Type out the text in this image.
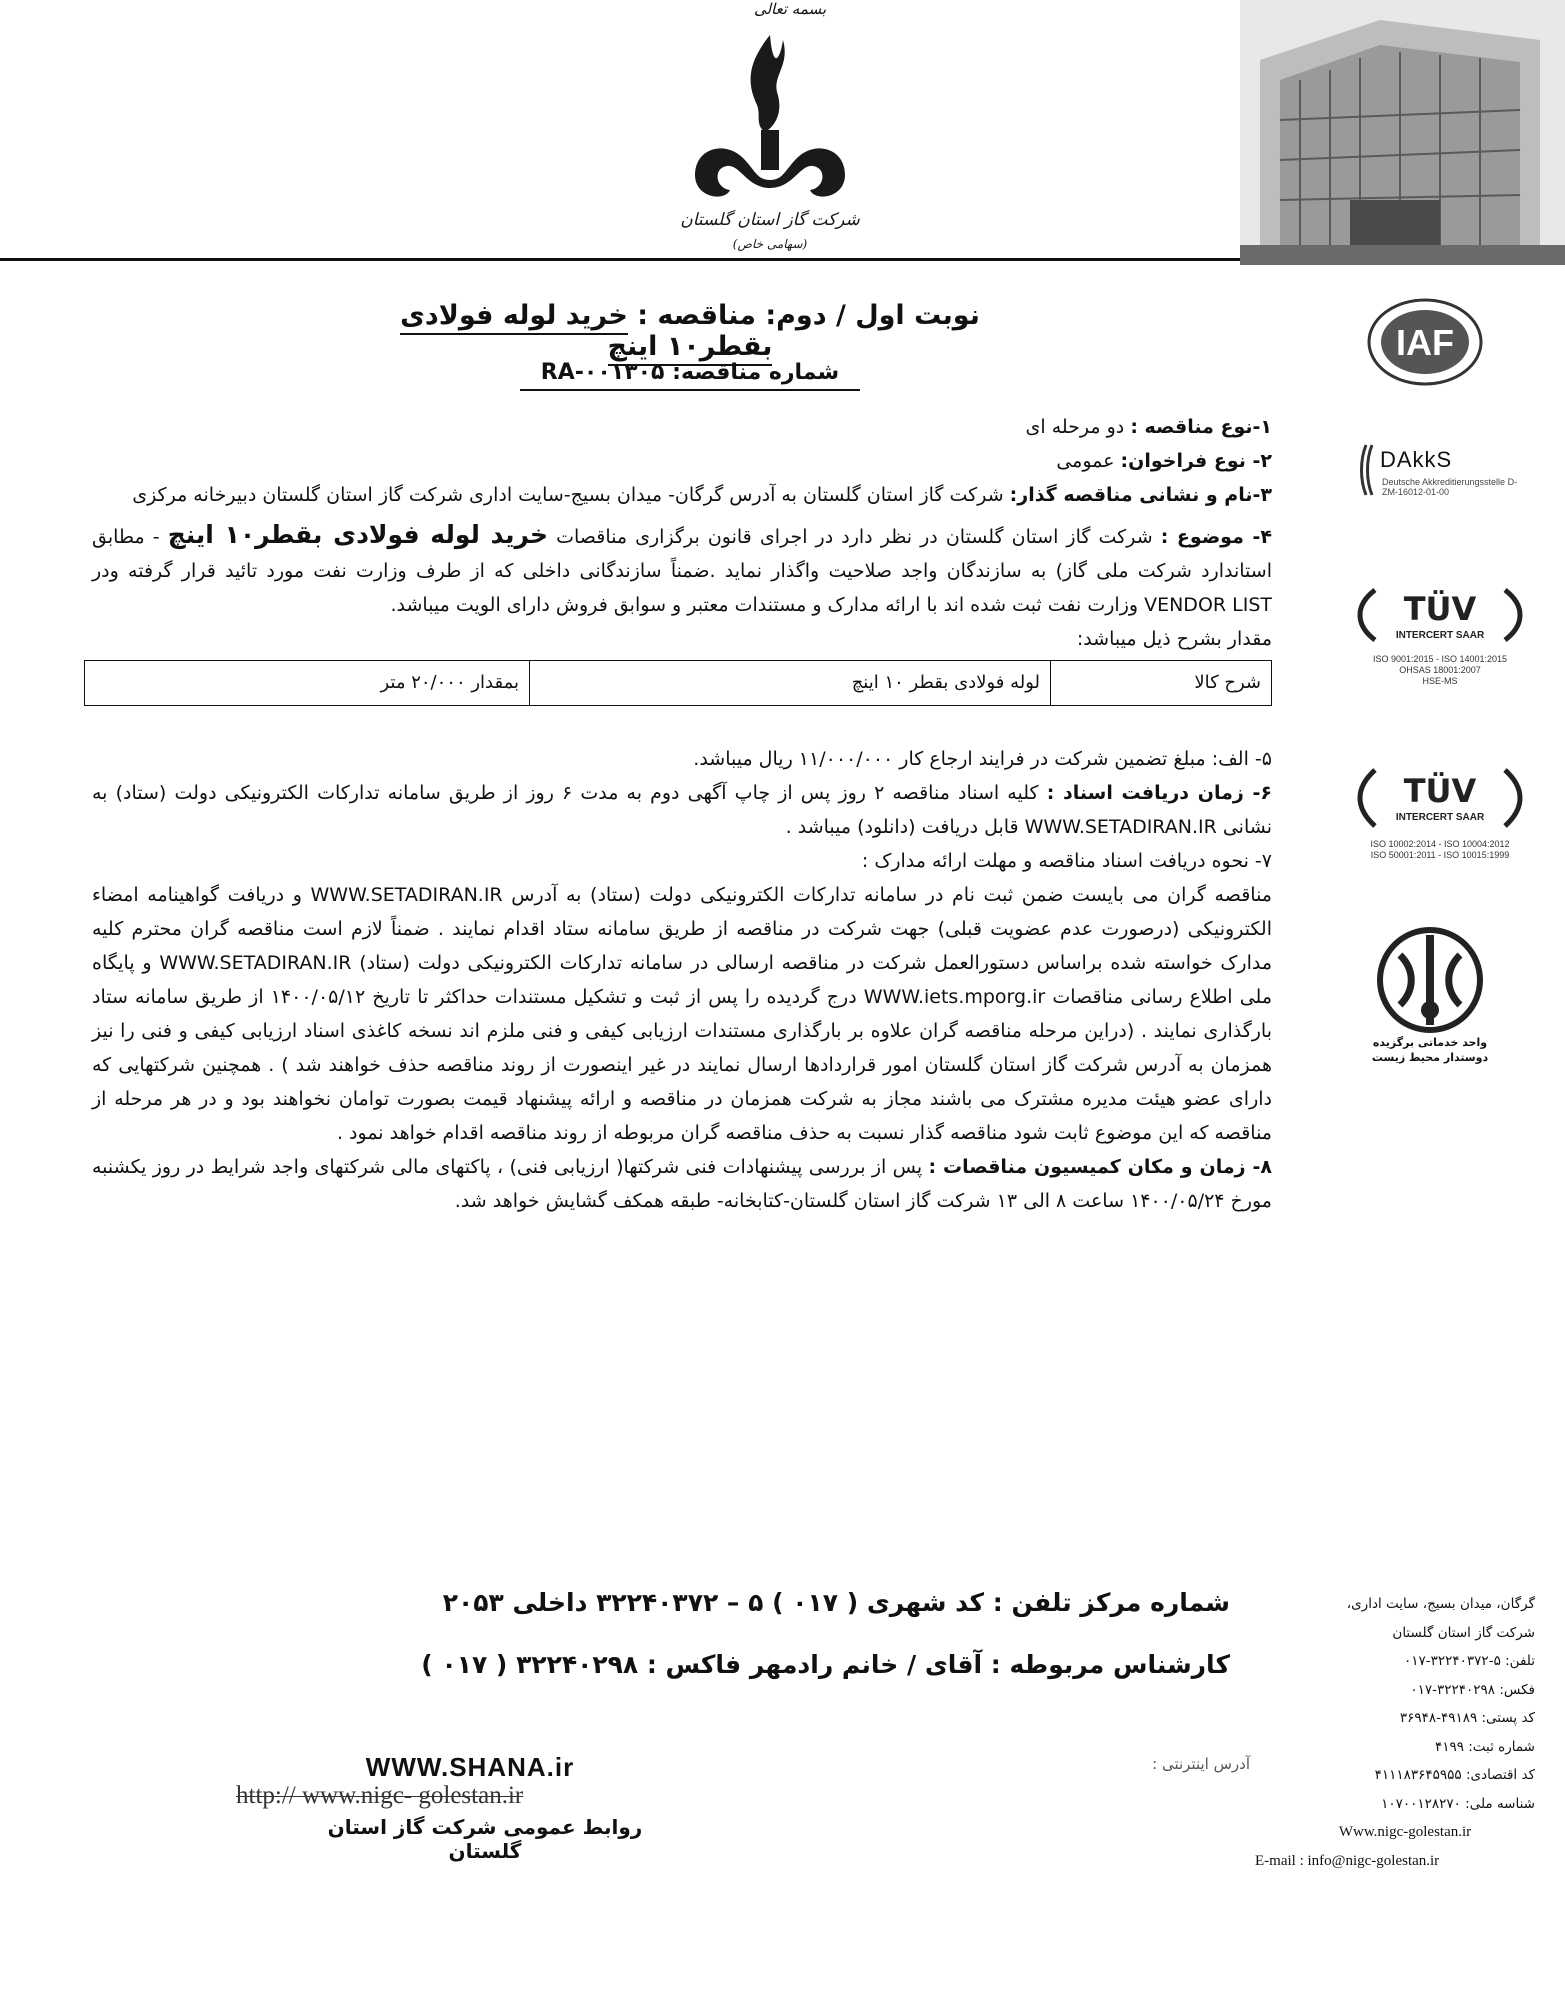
بسمه تعالی
شرکت گاز استان گلستان
(سهامی خاص)
نوبت اول / دوم: مناقصه : خرید لوله فولادی بقطر۱۰ اینچ
شماره مناقصه: ۰۰۱۳۰۵-RA

۱-نوع مناقصه : دو مرحله ای

۲- نوع فراخوان: عمومی

۳-نام و نشانی مناقصه گذار: شرکت گاز استان گلستان به آدرس گرگان- میدان بسیج-سایت اداری شرکت گاز استان گلستان دبیرخانه مرکزی

۴- موضوع : شرکت گاز استان گلستان در نظر دارد در اجرای قانون برگزاری مناقصات خرید لوله فولادی بقطر۱۰ اینچ - مطابق استاندارد شرکت ملی گاز) به سازندگان واجد صلاحیت واگذار نماید .ضمناً سازندگانی داخلی که از طرف وزارت نفت مورد تائید قرار گرفته ودر VENDOR LIST وزارت نفت ثبت شده اند با ارائه مدارک و مستندات معتبر و سوابق فروش دارای الویت میباشد.

مقدار بشرح ذیل میباشد:

شرح کالا	لوله فولادی بقطر ۱۰ اینچ	بمقدار ۲۰/۰۰۰ متر

۵- الف: مبلغ تضمین شرکت در فرایند ارجاع کار ۱۱/۰۰۰/۰۰۰ ریال میباشد.

۶- زمان دریافت اسناد : کلیه اسناد مناقصه ۲ روز پس از چاپ آگهی دوم به مدت ۶ روز از طریق سامانه تدارکات الکترونیکی دولت (ستاد) به نشانی WWW.SETADIRAN.IR قابل دریافت (دانلود) میباشد .

۷- نحوه دریافت اسناد مناقصه و مهلت ارائه مدارک :

مناقصه گران می بایست ضمن ثبت نام در سامانه تدارکات الکترونیکی دولت (ستاد) به آدرس WWW.SETADIRAN.IR و دریافت گواهینامه امضاء الکترونیکی (درصورت عدم عضویت قبلی) جهت شرکت در مناقصه از طریق سامانه ستاد اقدام نمایند . ضمناً لازم است مناقصه گران محترم کلیه مدارک خواسته شده براساس دستورالعمل شرکت در مناقصه ارسالی در سامانه تدارکات الکترونیکی دولت (ستاد) WWW.SETADIRAN.IR و پایگاه ملی اطلاع رسانی مناقصات WWW.iets.mporg.ir درج گردیده را پس از ثبت و تشکیل مستندات حداکثر تا تاریخ ۱۴۰۰/۰۵/۱۲ از طریق سامانه ستاد بارگذاری نمایند . (دراین مرحله مناقصه گران علاوه بر بارگذاری مستندات ارزیابی کیفی و فنی ملزم اند نسخه کاغذی اسناد ارزیابی کیفی و فنی را نیز همزمان به آدرس شرکت گاز استان گلستان امور قراردادها ارسال نمایند در غیر اینصورت از روند مناقصه حذف خواهند شد ) . همچنین شرکتهایی که دارای عضو هیئت مدیره مشترک می باشند مجاز به شرکت همزمان در مناقصه و ارائه پیشنهاد قیمت بصورت توامان نخواهند بود و در هر مرحله از مناقصه که این موضوع ثابت شود مناقصه گذار نسبت به حذف مناقصه گران مربوطه از روند مناقصه اقدام خواهد نمود .

۸- زمان و مکان کمیسیون مناقصات : پس از بررسی پیشنهادات فنی شرکتها( ارزیابی فنی) ، پاکتهای مالی شرکتهای واجد شرایط در روز یکشنبه مورخ ۱۴۰۰/۰۵/۲۴ ساعت ۸ الی ۱۳ شرکت گاز استان گلستان-کتابخانه- طبقه همکف گشایش خواهد شد.

شماره مرکز تلفن : کد شهری ( ۰۱۷ ) ۵ – ۳۲۲۴۰۳۷۲ داخلی ۲۰۵۳
کارشناس مربوطه : آقای / خانم رادمهر فاکس : ۳۲۲۴۰۲۹۸ ( ۰۱۷ )
WWW.SHANA.ir
http:// www.nigc- golestan.ir
روابط عمومی شرکت گاز استان گلستان
آدرس اینترنتی :
IAF
DAkkS
Deutsche Akkreditierungsstelle D-ZM-16012-01-00
TÜV
INTERCERT SAAR
ISO 9001:2015 - ISO 14001:2015
OHSAS 18001:2007
HSE-MS
TÜV
INTERCERT SAAR
ISO 10002:2014 - ISO 10004:2012
ISO 50001:2011 - ISO 10015:1999
واحد خدماتی برگزیده
دوستدار محیط زیست
گرگان، میدان بسیج، سایت اداری،
شرکت گاز استان گلستان
تلفن: ۵-۳۲۲۴۰۳۷۲-۰۱۷
فکس: ۳۲۲۴۰۲۹۸-۰۱۷
کد پستی: ۴۹۱۸۹-۳۶۹۴۸
شماره ثبت: ۴۱۹۹
کد اقتصادی: ۴۱۱۱۸۳۶۴۵۹۵۵
شناسه ملی: ۱۰۷۰۰۱۲۸۲۷۰
Www.nigc-golestan.ir
E-mail : info@nigc-golestan.ir
